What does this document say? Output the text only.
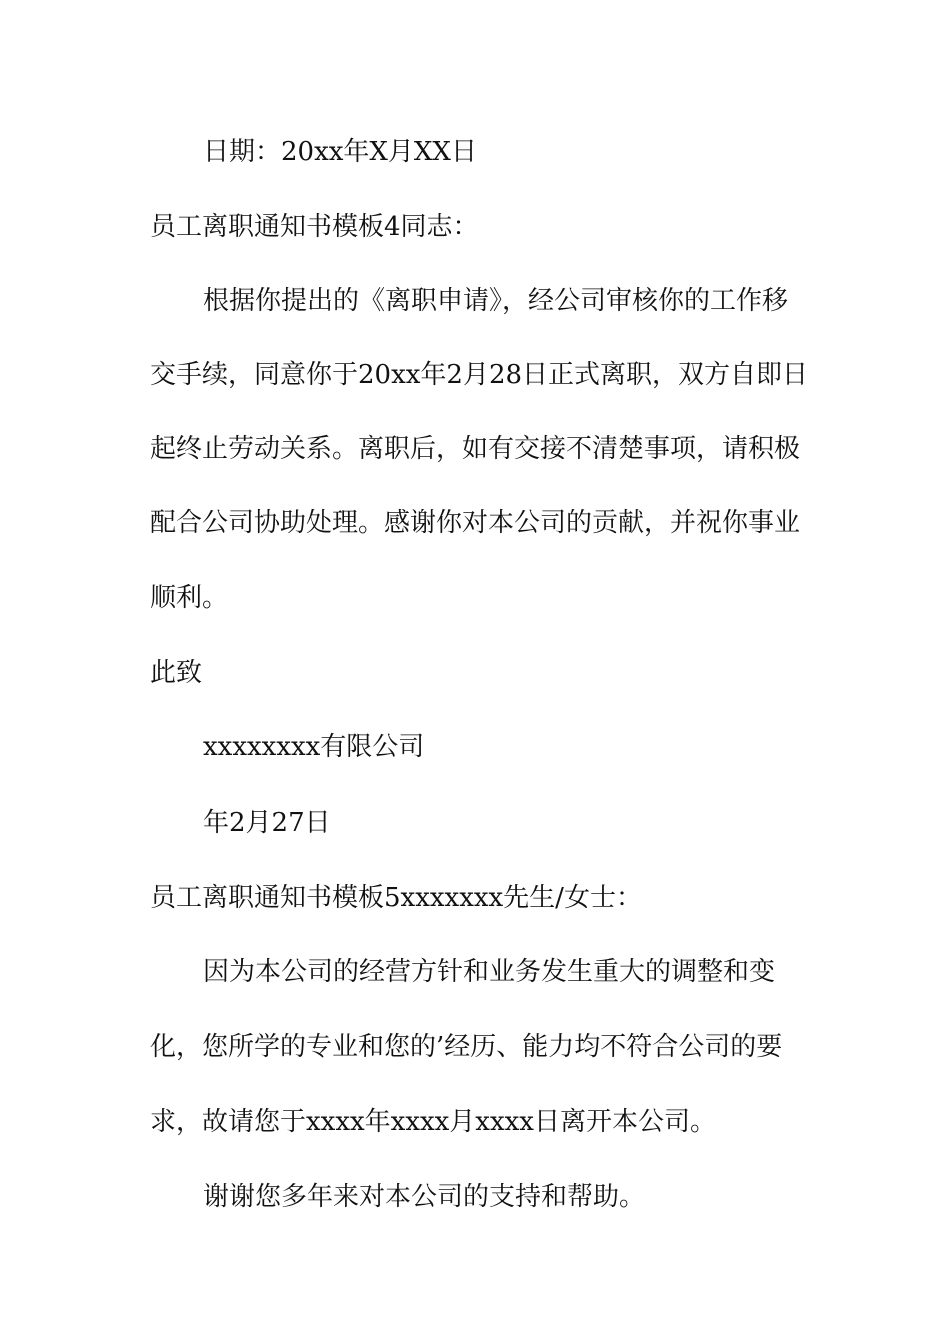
日期：20xx年X月XX日
员工离职通知书模板4同志：
根据你提出的《离职申请》，经公司审核你的工作移
交手续，同意你于20xx年2月28日正式离职，双方自即日
起终止劳动关系。离职后，如有交接不清楚事项，请积极
配合公司协助处理。感谢你对本公司的贡献，并祝你事业
顺利。
此致
xxxxxxxx有限公司
年2月27日
员工离职通知书模板5xxxxxxx先生/女士：
因为本公司的经营方针和业务发生重大的调整和变
化，您所学的专业和您的’经历、能力均不符合公司的要
求，故请您于xxxx年xxxx月xxxx日离开本公司。
谢谢您多年来对本公司的支持和帮助。
